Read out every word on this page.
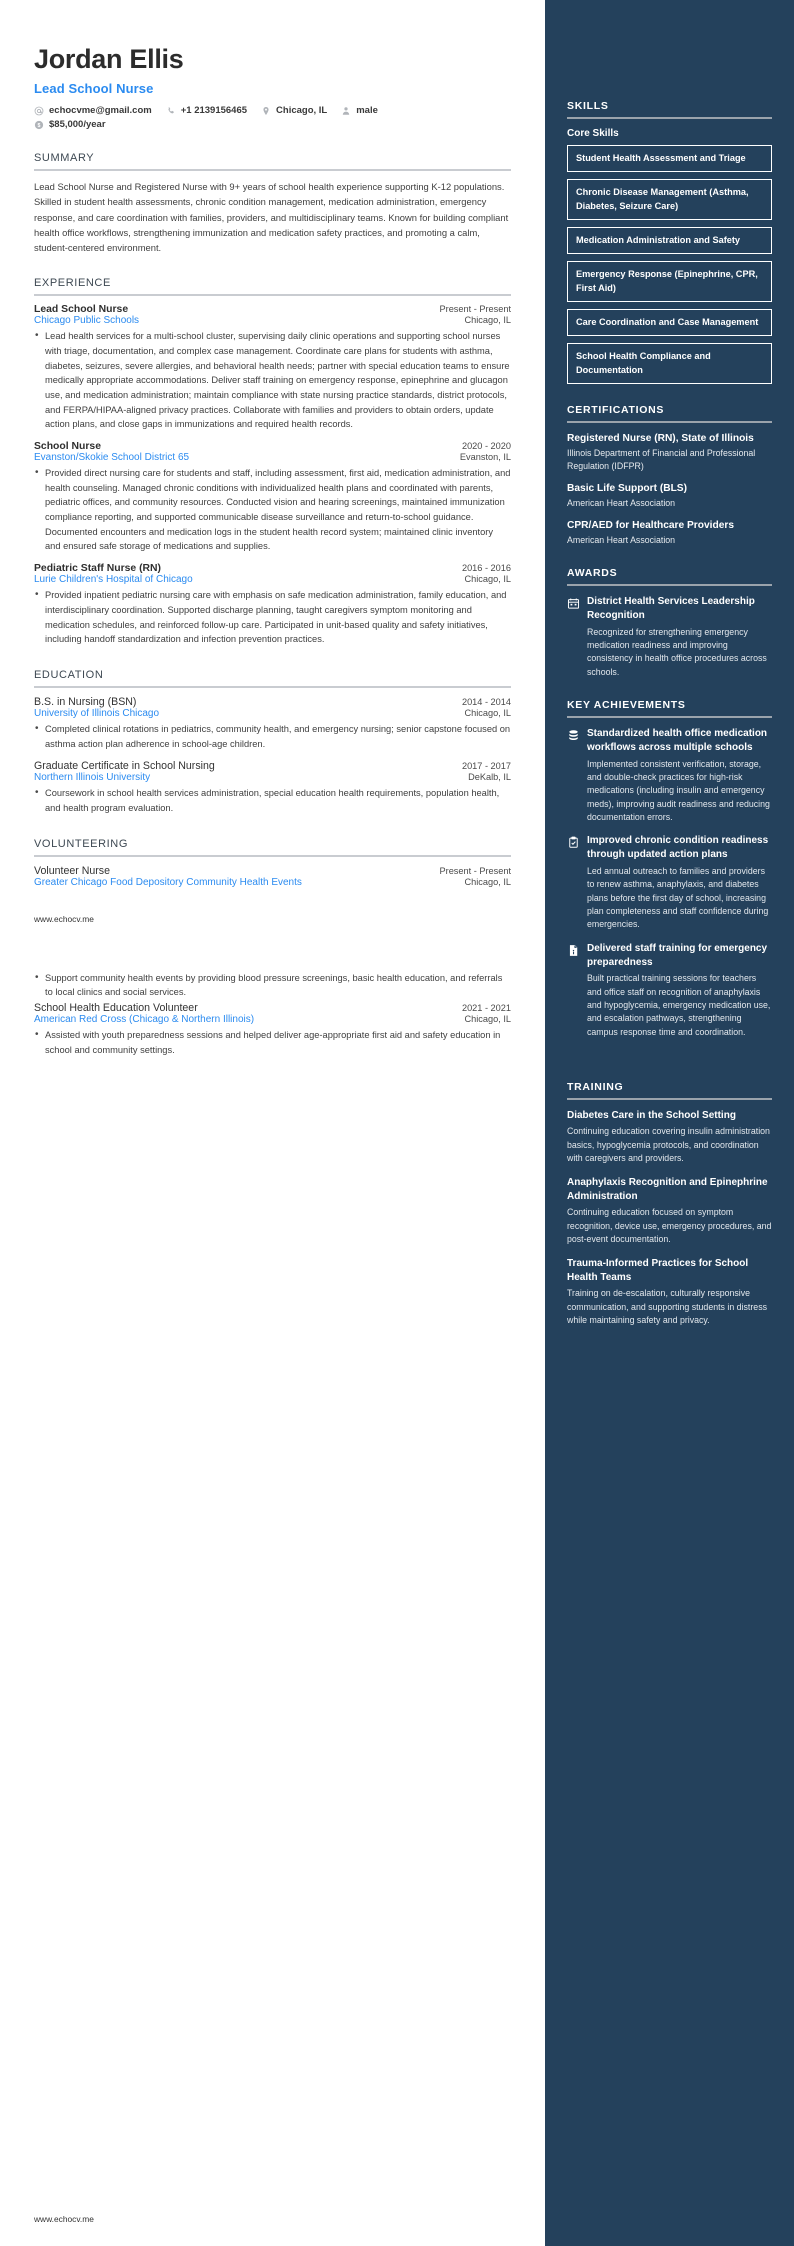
Jordan Ellis
Lead School Nurse
echocvme@gmail.com	+1 2139156465	Chicago, IL	male
$ $85,000/year
SUMMARY
Lead School Nurse and Registered Nurse with 9+ years of school health experience supporting K-12 populations. Skilled in student health assessments, chronic condition management, medication administration, emergency response, and care coordination with families, providers, and multidisciplinary teams. Known for building compliant health office workflows, strengthening immunization and medication safety practices, and promoting a calm, student-centered environment.
EXPERIENCE
Lead School Nurse	Present - Present
Chicago Public Schools	Chicago, IL
• Lead health services for a multi-school cluster, supervising daily clinic operations and supporting school nurses with triage, documentation, and complex case management. Coordinate care plans for students with asthma, diabetes, seizures, severe allergies, and behavioral health needs; partner with special education teams to ensure medically appropriate accommodations. Deliver staff training on emergency response, epinephrine and glucagon use, and medication administration; maintain compliance with state nursing practice standards, district protocols, and FERPA/HIPAA-aligned privacy practices. Collaborate with families and providers to obtain orders, update action plans, and close gaps in immunizations and required health records.
School Nurse	2020 - 2020
Evanston/Skokie School District 65	Evanston, IL
• Provided direct nursing care for students and staff, including assessment, first aid, medication administration, and health counseling. Managed chronic conditions with individualized health plans and coordinated with parents, pediatric offices, and community resources. Conducted vision and hearing screenings, maintained immunization compliance reporting, and supported communicable disease surveillance and return-to-school guidance. Documented encounters and medication logs in the student health record system; maintained clinic inventory and ensured safe storage of medications and supplies.
Pediatric Staff Nurse (RN)	2016 - 2016
Lurie Children's Hospital of Chicago	Chicago, IL
• Provided inpatient pediatric nursing care with emphasis on safe medication administration, family education, and interdisciplinary coordination. Supported discharge planning, taught caregivers symptom monitoring and medication schedules, and reinforced follow-up care. Participated in unit-based quality and safety initiatives, including handoff standardization and infection prevention practices.
EDUCATION
B.S. in Nursing (BSN)	2014 - 2014
University of Illinois Chicago	Chicago, IL
• Completed clinical rotations in pediatrics, community health, and emergency nursing; senior capstone focused on asthma action plan adherence in school-age children.
Graduate Certificate in School Nursing	2017 - 2017
Northern Illinois University	DeKalb, IL
• Coursework in school health services administration, special education health requirements, population health, and health program evaluation.
VOLUNTEERING
Volunteer Nurse	Present - Present
Greater Chicago Food Depository Community Health Events	Chicago, IL
www.echocv.me
• Support community health events by providing blood pressure screenings, basic health education, and referrals to local clinics and social services.
School Health Education Volunteer	2021 - 2021
American Red Cross (Chicago & Northern Illinois)	Chicago, IL
• Assisted with youth preparedness sessions and helped deliver age-appropriate first aid and safety education in school and community settings.
www.echocv.me
SKILLS
Core Skills
Student Health Assessment and Triage
Chronic Disease Management (Asthma, Diabetes, Seizure Care)
Medication Administration and Safety
Emergency Response (Epinephrine, CPR, First Aid)
Care Coordination and Case Management
School Health Compliance and Documentation
CERTIFICATIONS
Registered Nurse (RN), State of Illinois
Illinois Department of Financial and Professional Regulation (IDFPR)
Basic Life Support (BLS)
American Heart Association
CPR/AED for Healthcare Providers
American Heart Association
AWARDS
District Health Services Leadership Recognition
Recognized for strengthening emergency medication readiness and improving consistency in health office procedures across schools.
KEY ACHIEVEMENTS
Standardized health office medication workflows across multiple schools
Implemented consistent verification, storage, and double-check practices for high-risk medications (including insulin and emergency meds), improving audit readiness and reducing documentation errors.
Improved chronic condition readiness through updated action plans
Led annual outreach to families and providers to renew asthma, anaphylaxis, and diabetes plans before the first day of school, increasing plan completeness and staff confidence during emergencies.
Delivered staff training for emergency preparedness
Built practical training sessions for teachers and office staff on recognition of anaphylaxis and hypoglycemia, emergency medication use, and escalation pathways, strengthening campus response time and coordination.
TRAINING
Diabetes Care in the School Setting
Continuing education covering insulin administration basics, hypoglycemia protocols, and coordination with caregivers and providers.
Anaphylaxis Recognition and Epinephrine Administration
Continuing education focused on symptom recognition, device use, emergency procedures, and post-event documentation.
Trauma-Informed Practices for School Health Teams
Training on de-escalation, culturally responsive communication, and supporting students in distress while maintaining safety and privacy.
